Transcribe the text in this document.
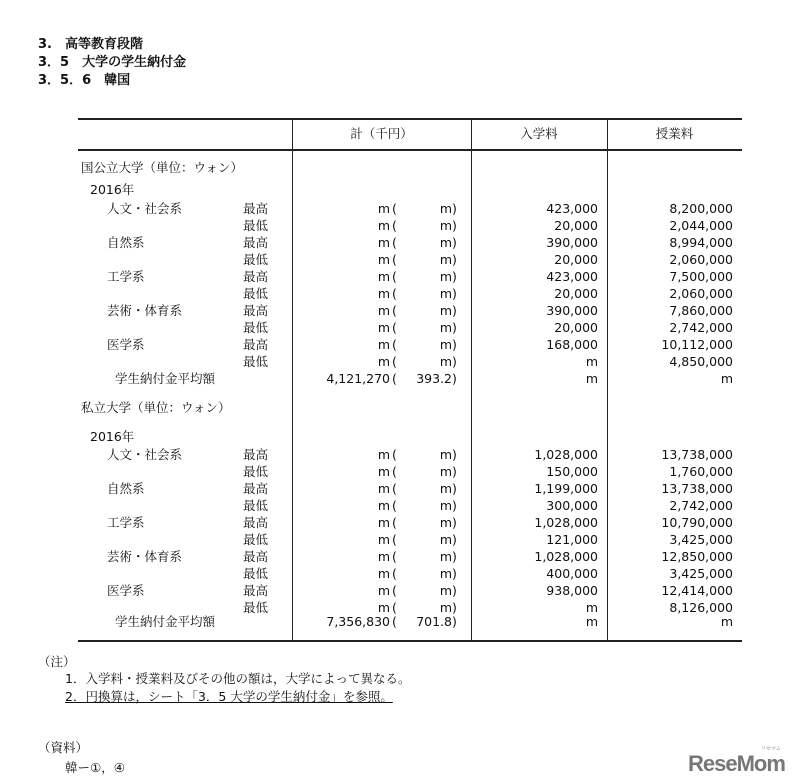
3.　高等教育段階
3．5　大学の学生納付金
3．5．6　韓国
計（千円）	入学料	授業料
国公立大学（単位：ウォン）
2016年
人文・社会系	最高	m (	m )	423,000	8,200,000
最低	m (	m )	20,000	2,044,000
自然系	最高	m (	m )	390,000	8,994,000
最低	m (	m )	20,000	2,060,000
工学系	最高	m (	m )	423,000	7,500,000
最低	m (	m )	20,000	2,060,000
芸術・体育系	最高	m (	m )	390,000	7,860,000
最低	m (	m )	20,000	2,742,000
医学系	最高	m (	m )	168,000	10,112,000
最低	m (	m )	m	4,850,000
学生納付金平均額	4,121,270 (	393.2 )	m	m
私立大学（単位：ウォン）
2016年
人文・社会系	最高	m (	m )	1,028,000	13,738,000
最低	m (	m )	150,000	1,760,000
自然系	最高	m (	m )	1,199,000	13,738,000
最低	m (	m )	300,000	2,742,000
工学系	最高	m (	m )	1,028,000	10,790,000
最低	m (	m )	121,000	3,425,000
芸術・体育系	最高	m (	m )	1,028,000	12,850,000
最低	m (	m )	400,000	3,425,000
医学系	最高	m (	m )	938,000	12,414,000
最低	m (	m )	m	8,126,000
学生納付金平均額	7,356,830 (	701.8 )	m	m
（注）
1．入学料・授業料及びその他の額は，大学によって異なる。
2．円換算は，シート「3．5 大学の学生納付金」を参照。
（資料）
韓ー①，④	ReseMom
リセマム
